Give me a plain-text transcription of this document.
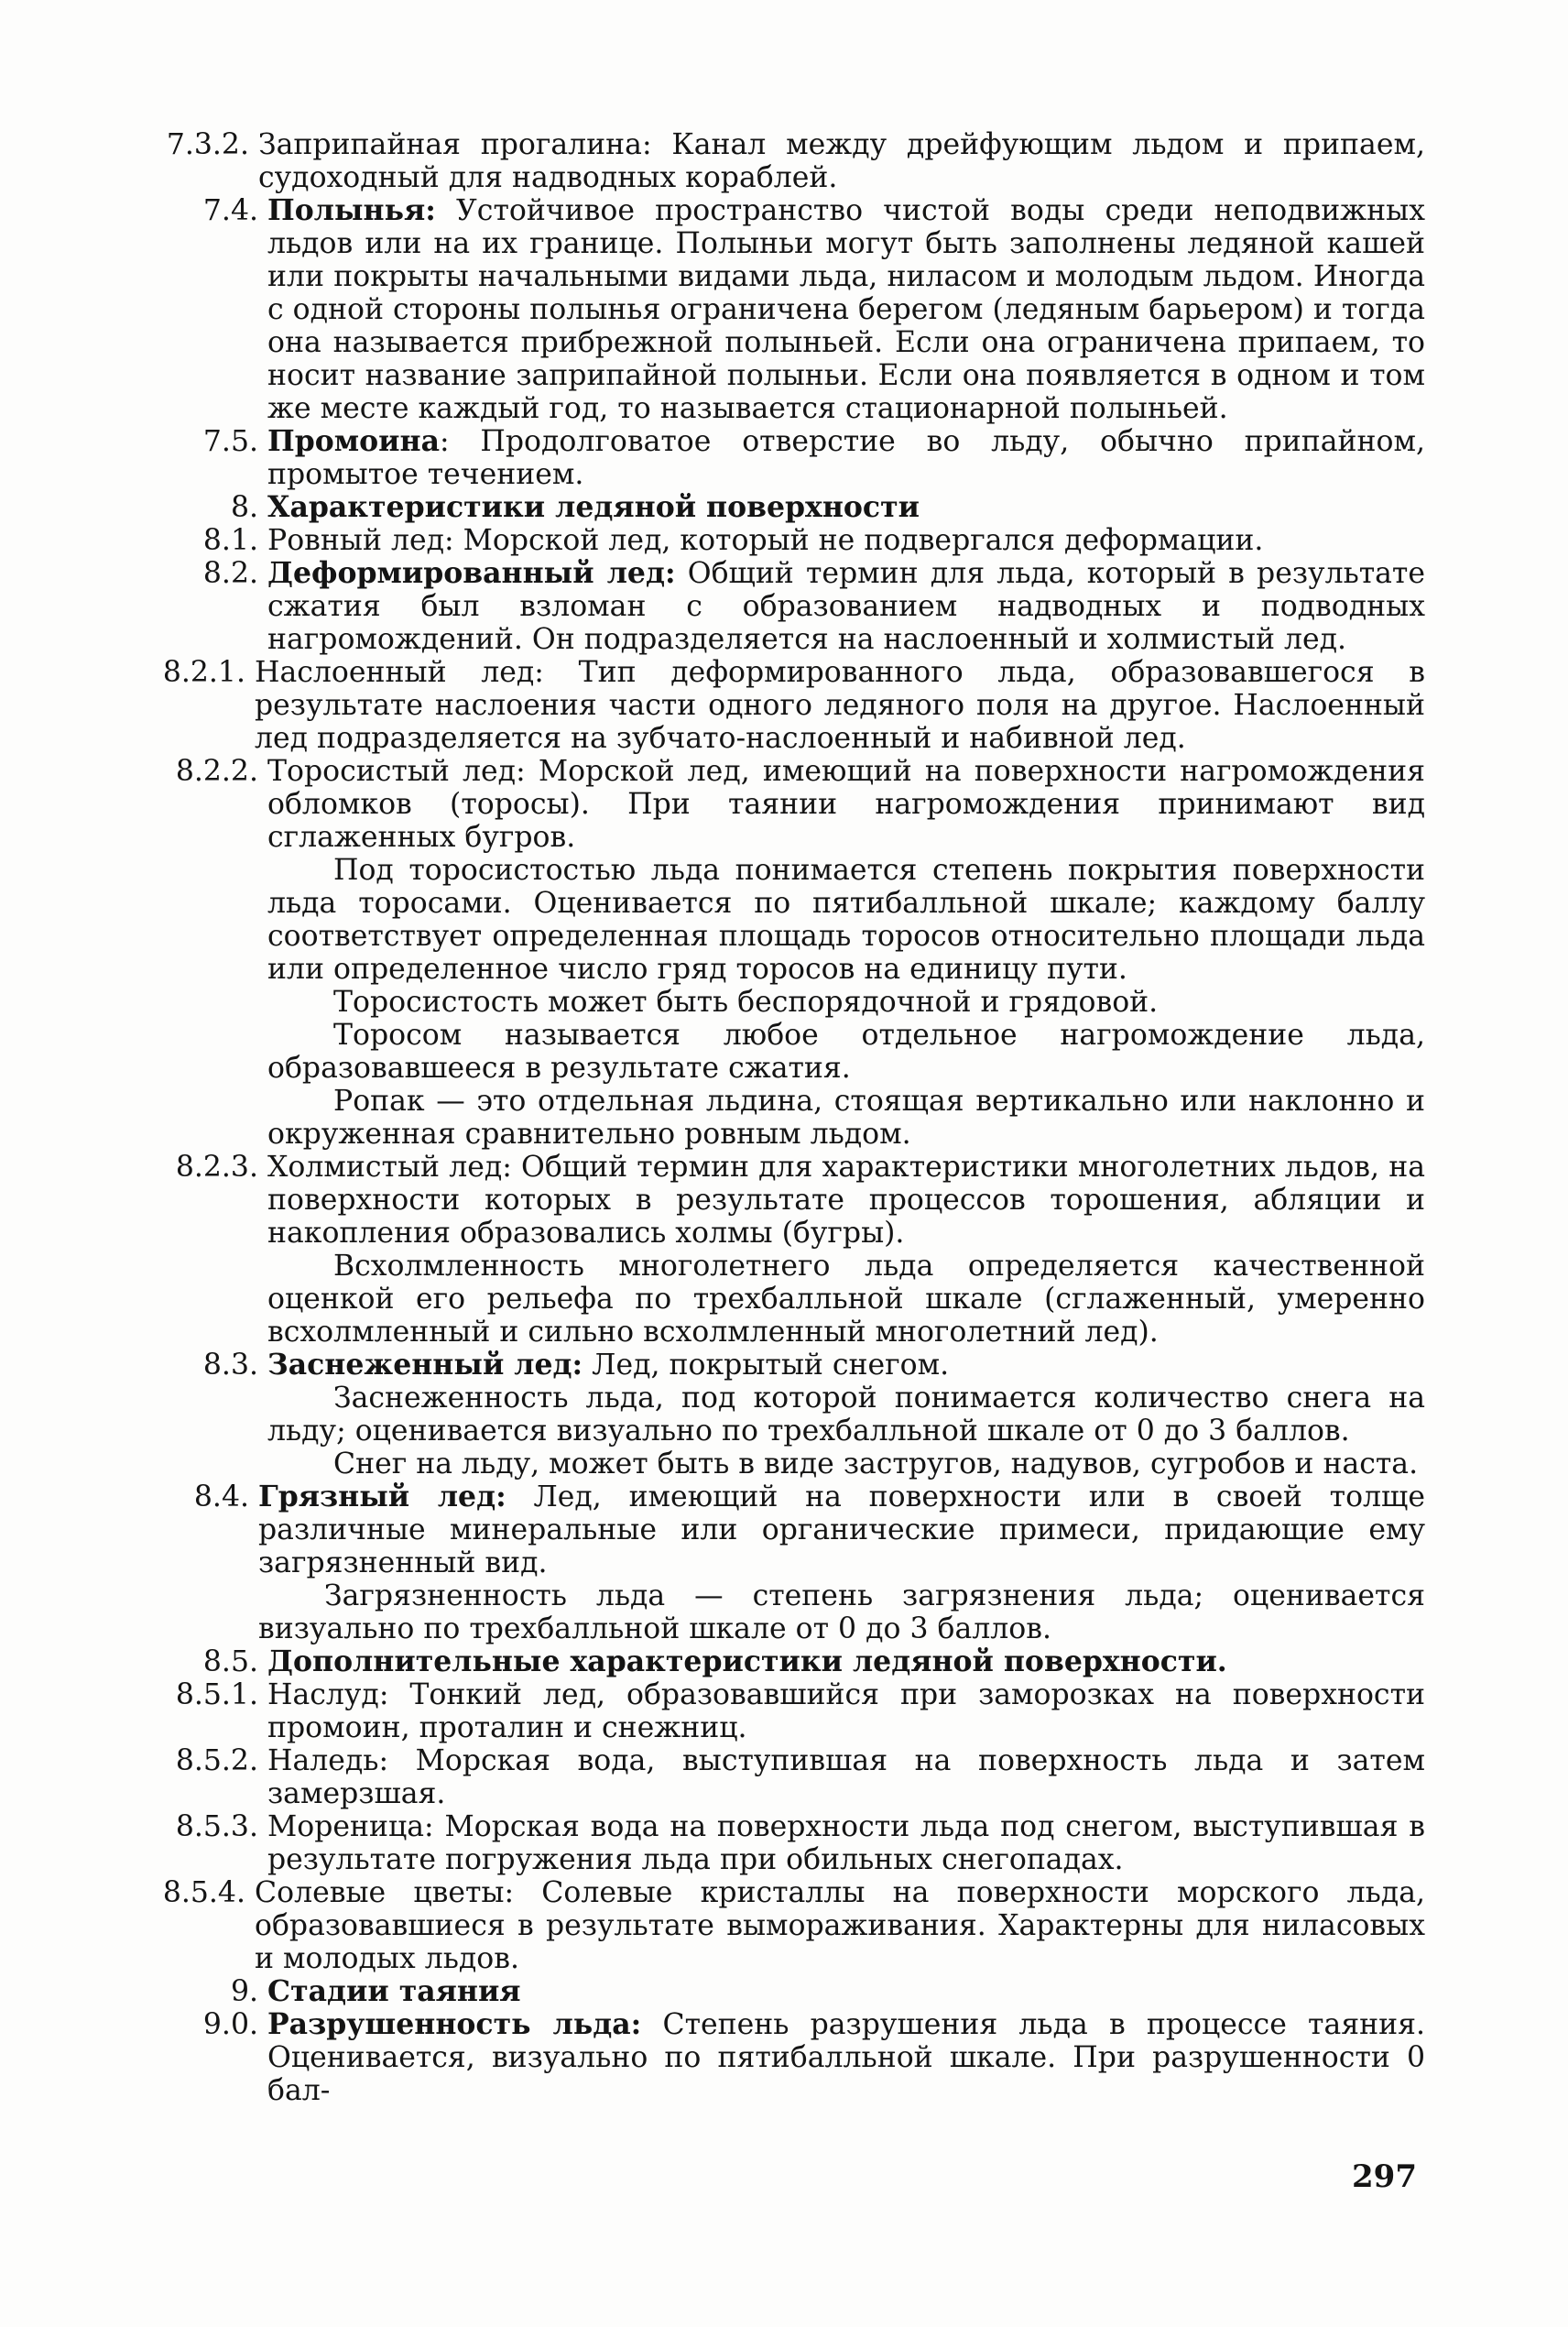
7.3.2. Заприпайная прогалина: Канал между дрейфующим льдом и припаем, судоходный для надводных кораблей.
7.4. Полынья: Устойчивое пространство чистой воды среди неподвижных льдов или на их границе. Полыньи могут быть заполнены ледяной кашей или покрыты начальными видами льда, ниласом и молодым льдом. Иногда с одной стороны полынья ограничена берегом (ледяным барьером) и тогда она называется прибрежной полыньей. Если она ограничена припаем, то носит название заприпайной полыньи. Если она появляется в одном и том же месте каждый год, то называется стационарной полыньей.
7.5. Промоина: Продолговатое отверстие во льду, обычно припайном, промытое течением.
8. Характеристики ледяной поверхности
8.1. Ровный лед: Морской лед, который не подвергался деформации.
8.2. Деформированный лед: Общий термин для льда, который в результате сжатия был взломан с образованием надводных и подводных нагромождений. Он подразделяется на наслоенный и холмистый лед.
8.2.1. Наслоенный лед: Тип деформированного льда, образовавшегося в результате наслоения части одного ледяного поля на другое. Наслоенный лед подразделяется на зубчато-наслоенный и набивной лед.
8.2.2. Торосистый лед: Морской лед, имеющий на поверхности нагромождения обломков (торосы). При таянии нагромождения принимают вид сглаженных бугров.

Под торосистостью льда понимается степень покрытия поверхности льда торосами. Оценивается по пятибалльной шкале; каждому баллу соответствует определенная площадь торосов относительно площади льда или определенное число гряд торосов на единицу пути.

Торосистость может быть беспорядочной и грядовой.

Торосом называется любое отдельное нагромождение льда, образовавшееся в результате сжатия.

Ропак — это отдельная льдина, стоящая вертикально или наклонно и окруженная сравнительно ровным льдом.

8.2.3. Холмистый лед: Общий термин для характеристики многолетних льдов, на поверхности которых в результате процессов торошения, абляции и накопления образовались холмы (бугры).

Всхолмленность многолетнего льда определяется качественной оценкой его рельефа по трехбалльной шкале (сглаженный, умеренно всхолмленный и сильно всхолмленный многолетний лед).

8.3. Заснеженный лед: Лед, покрытый снегом.

Заснеженность льда, под которой понимается количество снега на льду; оценивается визуально по трехбалльной шкале от 0 до 3 баллов.

Снег на льду, может быть в виде застругов, надувов, сугробов и наста.

8.4. Грязный лед: Лед, имеющий на поверхности или в своей толще различные минеральные или органические примеси, придающие ему загрязненный вид.

Загрязненность льда — степень загрязнения льда; оценивается визуально по трехбалльной шкале от 0 до 3 баллов.

8.5. Дополнительные характеристики ледяной поверхности.
8.5.1. Наслуд: Тонкий лед, образовавшийся при заморозках на поверхности промоин, проталин и снежниц.
8.5.2. Наледь: Морская вода, выступившая на поверхность льда и затем замерзшая.
8.5.3. Мореница: Морская вода на поверхности льда под снегом, выступившая в результате погружения льда при обильных снегопадах.
8.5.4. Солевые цветы: Солевые кристаллы на поверхности морского льда, образовавшиеся в результате вымораживания. Характерны для ниласовых и молодых льдов.
9. Стадии таяния
9.0. Разрушенность льда: Степень разрушения льда в процессе таяния. Оценивается, визуально по пятибалльной шкале. При разрушенности 0 бал-
297
